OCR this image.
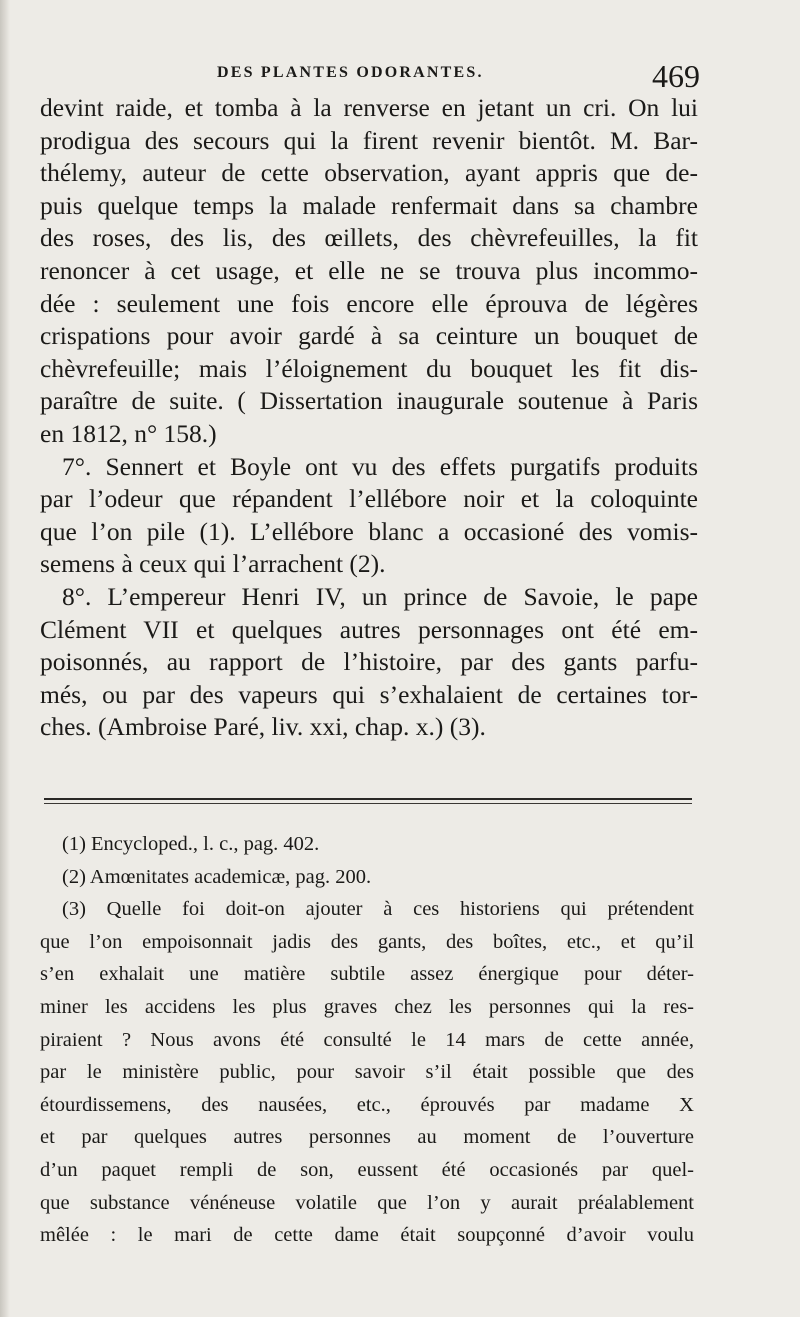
DES PLANTES ODORANTES.	469
devint raide, et tomba à la renverse en jetant un cri. On lui
prodigua des secours qui la firent revenir bientôt. M. Bar-
thélemy, auteur de cette observation, ayant appris que de-
puis quelque temps la malade renfermait dans sa chambre
des roses, des lis, des œillets, des chèvrefeuilles, la fit
renoncer à cet usage, et elle ne se trouva plus incommo-
dée : seulement une fois encore elle éprouva de légères
crispations pour avoir gardé à sa ceinture un bouquet de
chèvrefeuille; mais l’éloignement du bouquet les fit dis-
paraître de suite. ( Dissertation inaugurale soutenue à Paris
en 1812, n° 158.)
7°. Sennert et Boyle ont vu des effets purgatifs produits
par l’odeur que répandent l’ellébore noir et la coloquinte
que l’on pile (1). L’ellébore blanc a occasioné des vomis-
semens à ceux qui l’arrachent (2).
8°. L’empereur Henri IV, un prince de Savoie, le pape
Clément VII et quelques autres personnages ont été em-
poisonnés, au rapport de l’histoire, par des gants parfu-
més, ou par des vapeurs qui s’exhalaient de certaines tor-
ches. (Ambroise Paré, liv. xxi, chap. x.) (3).
(1) Encycloped., l. c., pag. 402.
(2) Amœnitates academicæ, pag. 200.
(3) Quelle foi doit-on ajouter à ces historiens qui prétendent
que l’on empoisonnait jadis des gants, des boîtes, etc., et qu’il
s’en exhalait une matière subtile assez énergique pour déter-
miner les accidens les plus graves chez les personnes qui la res-
piraient ? Nous avons été consulté le 14 mars de cette année,
par le ministère public, pour savoir s’il était possible que des
étourdissemens, des nausées, etc., éprouvés par madame X
et par quelques autres personnes au moment de l’ouverture
d’un paquet rempli de son, eussent été occasionés par quel-
que substance vénéneuse volatile que l’on y aurait préalablement
mêlée : le mari de cette dame était soupçonné d’avoir voulu
